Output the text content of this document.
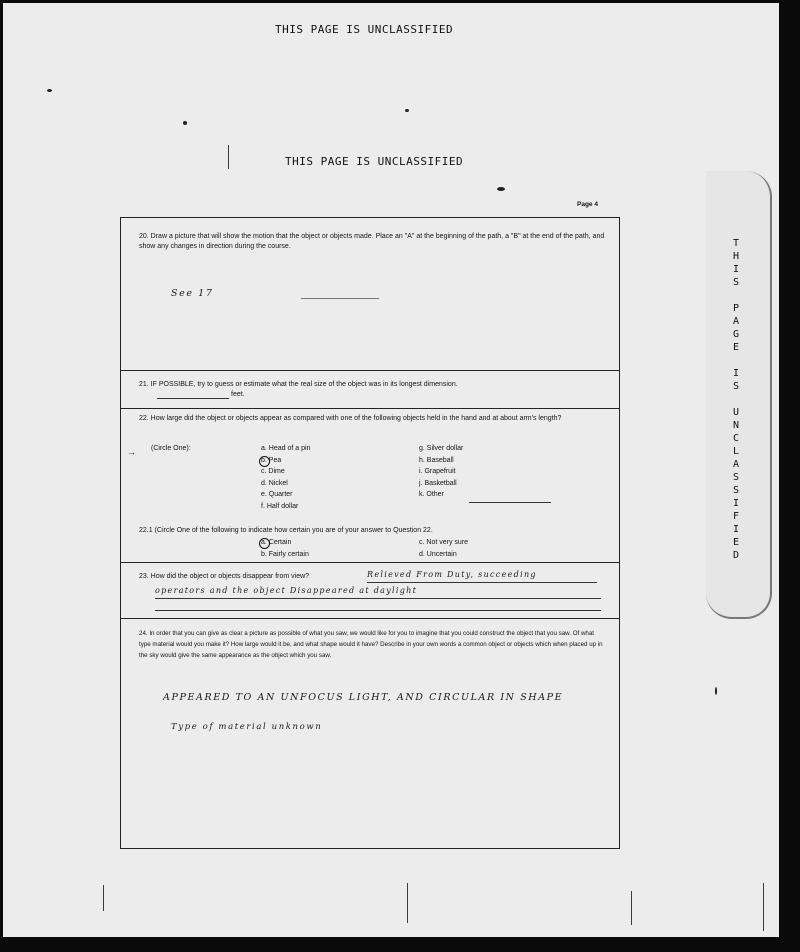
THIS PAGE IS UNCLASSIFIED
THIS PAGE IS UNCLASSIFIED
Page 4
T
H
I
S

P
A
G
E

I
S

U
N
C
L
A
S
S
I
F
I
E
D
20. Draw a picture that will show the motion that the object or objects made. Place an "A" at the beginning of the path, a "B" at the end of the path, and show any changes in direction during the course.
See 17
21. IF POSSIBLE, try to guess or estimate what the real size of the object was in its longest dimension.
feet.
22. How large did the object or objects appear as compared with one of the following objects held in the hand and at about arm's length?
(Circle One):	a. Head of a pin
b. Pea
c. Dime
d. Nickel
e. Quarter
f. Half dollar
g. Silver dollar
h. Baseball
i. Grapefruit
j. Basketball
k. Other
22.1 (Circle One of the following to indicate how certain you are of your answer to Question 22.
a. Certain
b. Fairly certain
c. Not very sure
d. Uncertain
23. How did the object or objects disappear from view?	Relieved From Duty, succeeding
operators and the object Disappeared at daylight
24. In order that you can give as clear a picture as possible of what you saw, we would like for you to imagine that you could construct the object that you saw. Of what type material would you make it? How large would it be, and what shape would it have? Describe in your own words a common object or objects which when placed up in the sky would give the same appearance as the object which you saw.
APPEARED TO AN UNFOCUS LIGHT, AND CIRCULAR IN SHAPE
Type of material unknown
→
